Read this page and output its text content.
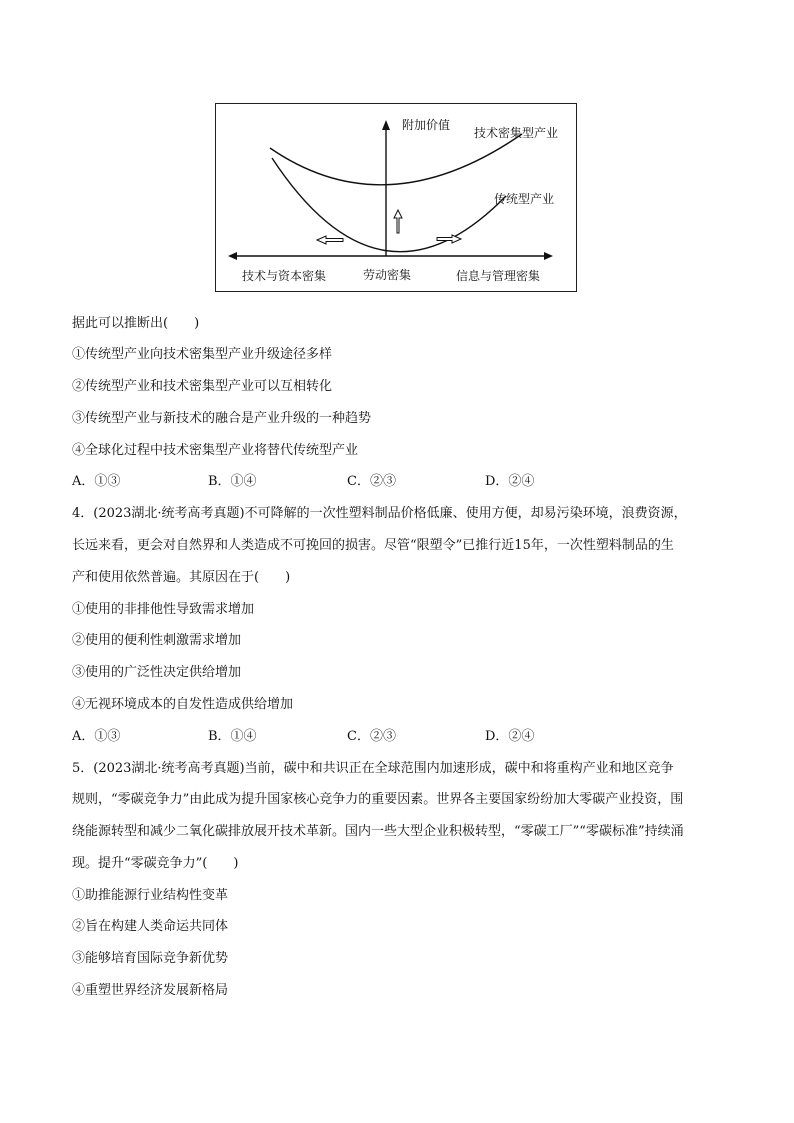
附加价值
技术密集型产业
传统型产业
技术与资本密集	劳动密集	信息与管理密集
据此可以推断出(　　)
①传统型产业向技术密集型产业升级途径多样
②传统型产业和技术密集型产业可以互相转化
③传统型产业与新技术的融合是产业升级的一种趋势
④全球化过程中技术密集型产业将替代传统型产业
A．①③	B．①④	C．②③	D．②④
4．(2023湖北·统考高考真题)不可降解的一次性塑料制品价格低廉、使用方便，却易污染环境，浪费资源，
长远来看，更会对自然界和人类造成不可挽回的损害。尽管“限塑令”已推行近15年，一次性塑料制品的生
产和使用依然普遍。其原因在于(　　)
①使用的非排他性导致需求增加
②使用的便利性刺激需求增加
③使用的广泛性决定供给增加
④无视环境成本的自发性造成供给增加
A．①③	B．①④	C．②③	D．②④
5．(2023湖北·统考高考真题)当前，碳中和共识正在全球范围内加速形成，碳中和将重构产业和地区竞争
规则，“零碳竞争力”由此成为提升国家核心竞争力的重要因素。世界各主要国家纷纷加大零碳产业投资，围
绕能源转型和减少二氧化碳排放展开技术革新。国内一些大型企业积极转型，“零碳工厂”“零碳标准”持续涌
现。提升“零碳竞争力”(　　)
①助推能源行业结构性变革
②旨在构建人类命运共同体
③能够培育国际竞争新优势
④重塑世界经济发展新格局
